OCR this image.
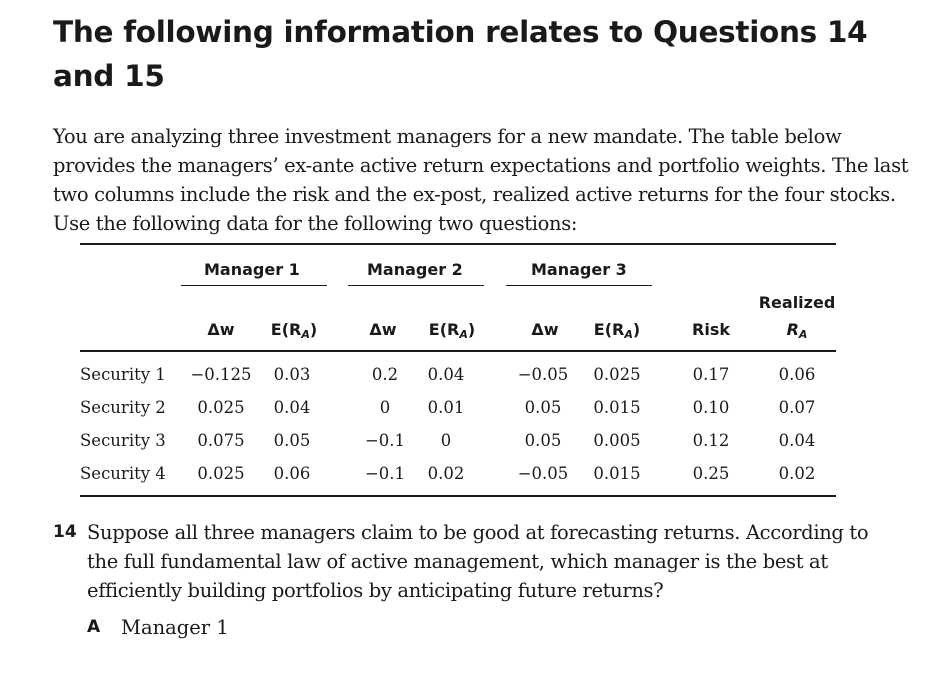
The following information relates to Questions 14 and 15

You are analyzing three investment managers for a new mandate. The table below provides the managers’ ex-ante active return expectations and portfolio weights. The last two columns include the risk and the ex-post, realized active returns for the four stocks. Use the following data for the following two questions:

Manager 1	Manager 2	Manager 3
Δw $E(R_A)$	Δw $E(R_A)$	Δw $E(R_A)$	Risk
Realized
$R_A$
Security 1 −0.125 0.03	0.2 0.04	−0.05 0.025	0.17	0.06
Security 2 0.025 0.04	0 0.01	0.05 0.015	0.10	0.07
Security 3 0.075 0.05	−0.1 0	0.05 0.005	0.12	0.04
Security 4 0.025 0.06	−0.1 0.02	−0.05 0.015	0.25	0.02
14 Suppose all three managers claim to be good at forecasting returns. According to the full fundamental law of active management, which manager is the best at efficiently building portfolios by anticipating future returns?

A Manager 1
